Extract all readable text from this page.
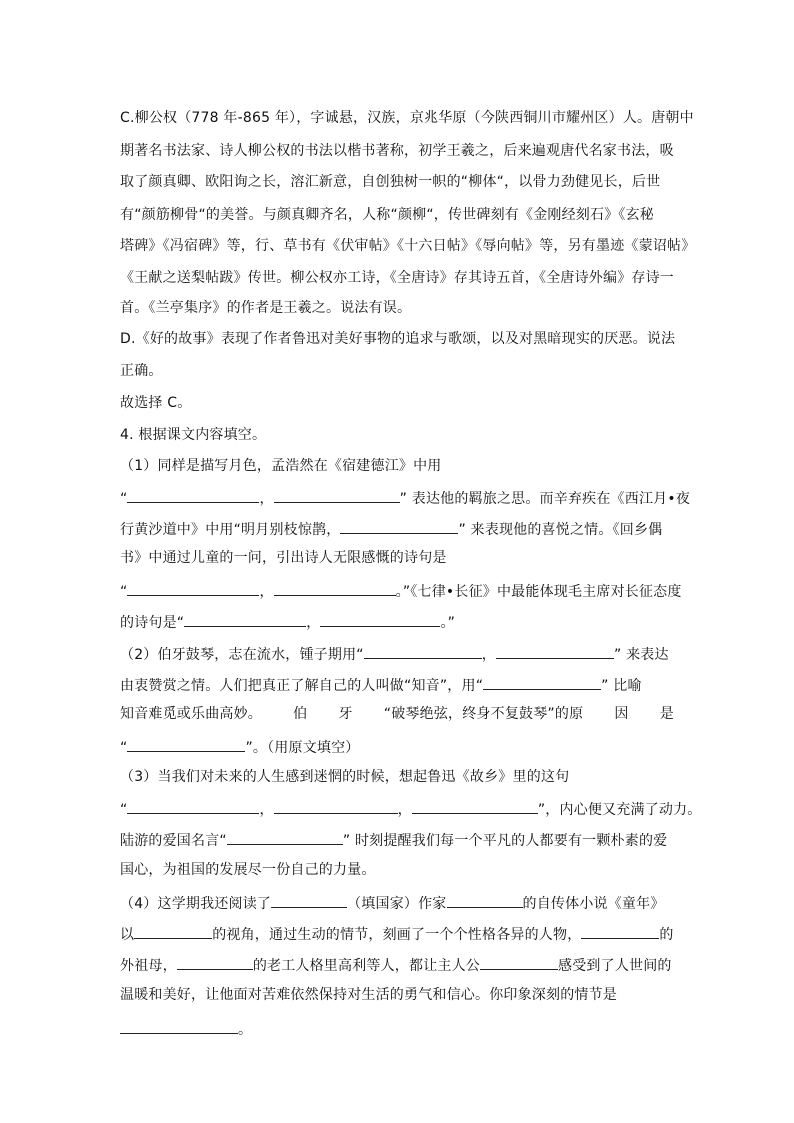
C.柳公权（778 年-865 年），字诚悬，汉族，京兆华原（今陕西铜川市耀州区）人。唐朝中
期著名书法家、诗人柳公权的书法以楷书著称，初学王羲之，后来遍观唐代名家书法，吸
取了颜真卿、欧阳询之长，溶汇新意，自创独树一帜的“柳体“，以骨力劲健见长，后世
有“颜筋柳骨“的美誉。与颜真卿齐名，人称“颜柳“，传世碑刻有《金刚经刻石》《玄秘
塔碑》《冯宿碑》等，行、草书有《伏审帖》《十六日帖》《辱向帖》等，另有墨迹《蒙诏帖》
《王献之送梨帖跋》传世。柳公权亦工诗，《全唐诗》存其诗五首，《全唐诗外编》存诗一
首。《兰亭集序》的作者是王羲之。说法有误。
D.《好的故事》表现了作者鲁迅对美好事物的追求与歌颂，以及对黑暗现实的厌恶。说法
正确。
故选择 C。
4. 根据课文内容填空。
（1）同样是描写月色，孟浩然在《宿建德江》中用
“	，	” 表达他的羁旅之思。而辛弃疾在《西江月•夜
行黄沙道中》中用“明月别枝惊鹊，	” 来表现他的喜悦之情。《回乡偶
书》中通过儿童的一问，引出诗人无限感慨的诗句是
“	，	。”《七律•长征》中最能体现毛主席对长征态度
的诗句是“	，	。”
（2）伯牙鼓琴，志在流水，锺子期用“	，	” 来表达
由衷赞赏之情。人们把真正了解自己的人叫做“知音”，用“	” 比喻
知音难觅或乐曲高妙。 伯 牙 “破琴绝弦，终身不复鼓琴”的原 因 是
“	”。（用原文填空）
（3）当我们对未来的人生感到迷惘的时候，想起鲁迅《故乡》里的这句
“	，	，	”，内心便又充满了动力。
陆游的爱国名言“	” 时刻提醒我们每一个平凡的人都要有一颗朴素的爱
国心，为祖国的发展尽一份自己的力量。
（4）这学期我还阅读了	（填国家）作家	的自传体小说《童年》
以	的视角，通过生动的情节，刻画了一个个性格各异的人物，	的
外祖母，	的老工人格里高利等人，都让主人公	感受到了人世间的
温暖和美好，让他面对苦难依然保持对生活的勇气和信心。你印象深刻的情节是
。
